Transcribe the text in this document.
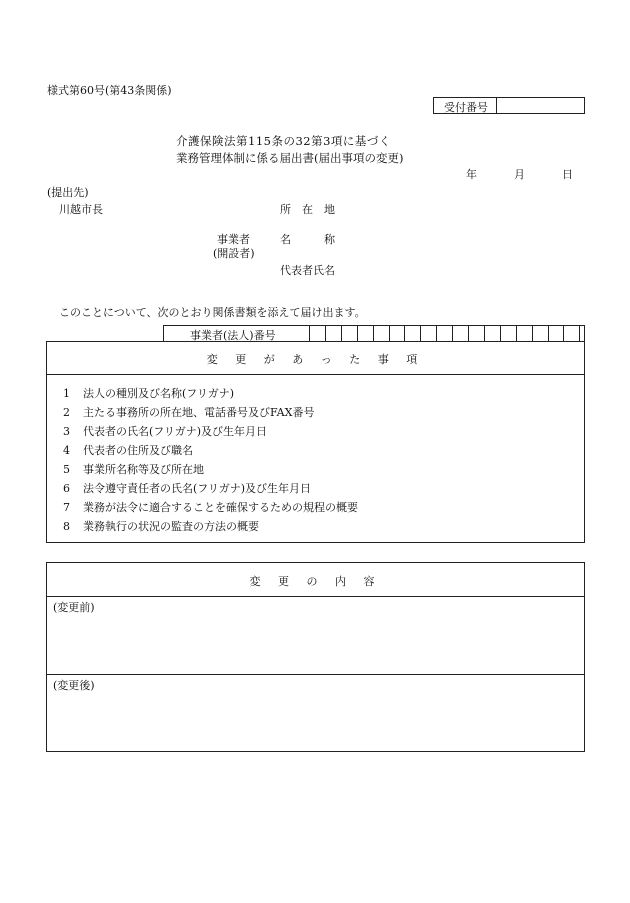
様式第60号(第43条関係)
受付番号
介護保険法第115条の32第3項に基づく
業務管理体制に係る届出書(届出事項の変更)
年	月	日
(提出先)
川越市長	所　在　地
事業者	名　　　称
(開設者)
代表者氏名
このことについて、次のとおり関係書類を添えて届け出ます。
事業者(法人)番号
変 更 が あ っ た 事 項
1 法人の種別及び名称(フリガナ)
2 主たる事務所の所在地、電話番号及びFAX番号
3 代表者の氏名(フリガナ)及び生年月日
4 代表者の住所及び職名
5 事業所名称等及び所在地
6 法令遵守責任者の氏名(フリガナ)及び生年月日
7 業務が法令に適合することを確保するための規程の概要
8 業務執行の状況の監査の方法の概要
変 更 の 内 容
(変更前)
(変更後)
